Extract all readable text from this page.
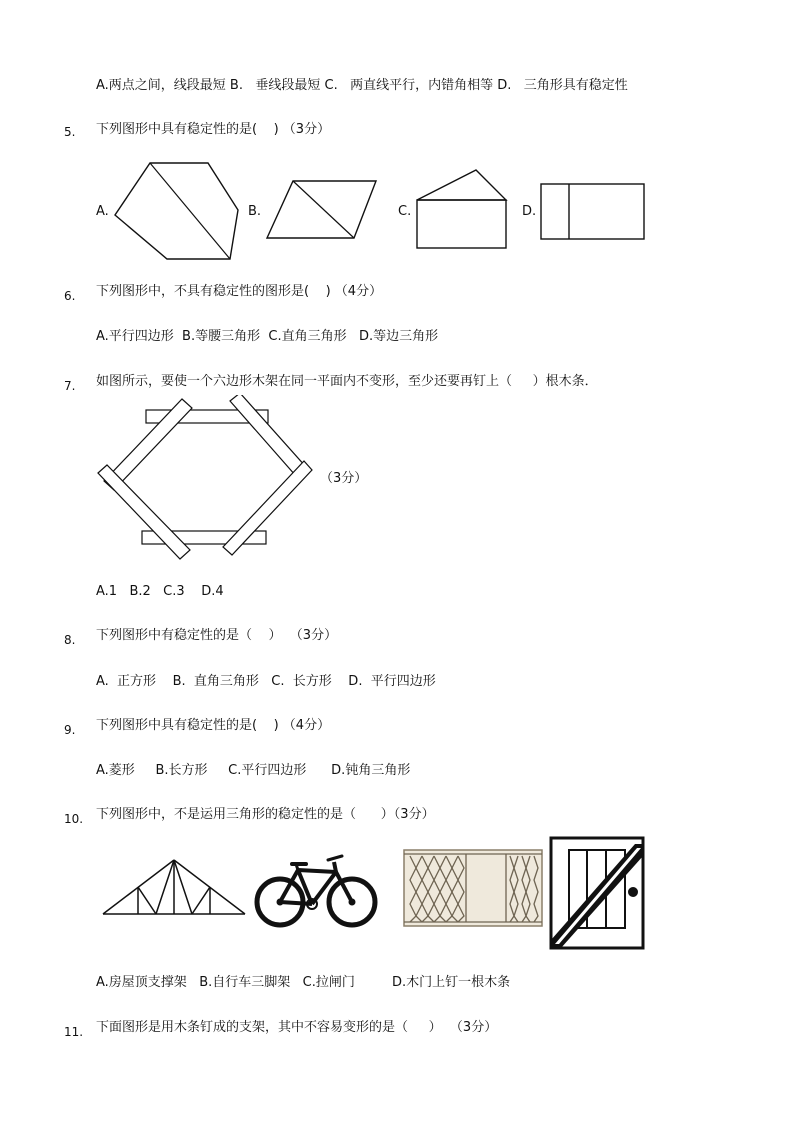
A.两点之间，线段最短 B.   垂线段最短 C.   两直线平行，内错角相等 D.   三角形具有稳定性
5. 下列图形中具有稳定性的是(    ) （3分）
A.	B.	C.	D.
6. 下列图形中，不具有稳定性的图形是(    ) （4分）
A.平行四边形  B.等腰三角形  C.直角三角形   D.等边三角形
7. 如图所示，要使一个六边形木架在同一平面内不变形，至少还要再钉上（     ）根木条．
（3分）
A.1   B.2   C.3    D.4
8. 下列图形中有稳定性的是（    ）  （3分）
A.  正方形    B.  直角三角形   C.  长方形    D.  平行四边形
9. 下列图形中具有稳定性的是(    ) （4分）
A.菱形     B.长方形     C.平行四边形      D.钝角三角形
10. 下列图形中，不是运用三角形的稳定性的是（      ）（3分）
A.房屋顶支撑架   B.自行车三脚架   C.拉闸门         D.木门上钉一根木条
11. 下面图形是用木条钉成的支架，其中不容易变形的是（     ）  （3分）
